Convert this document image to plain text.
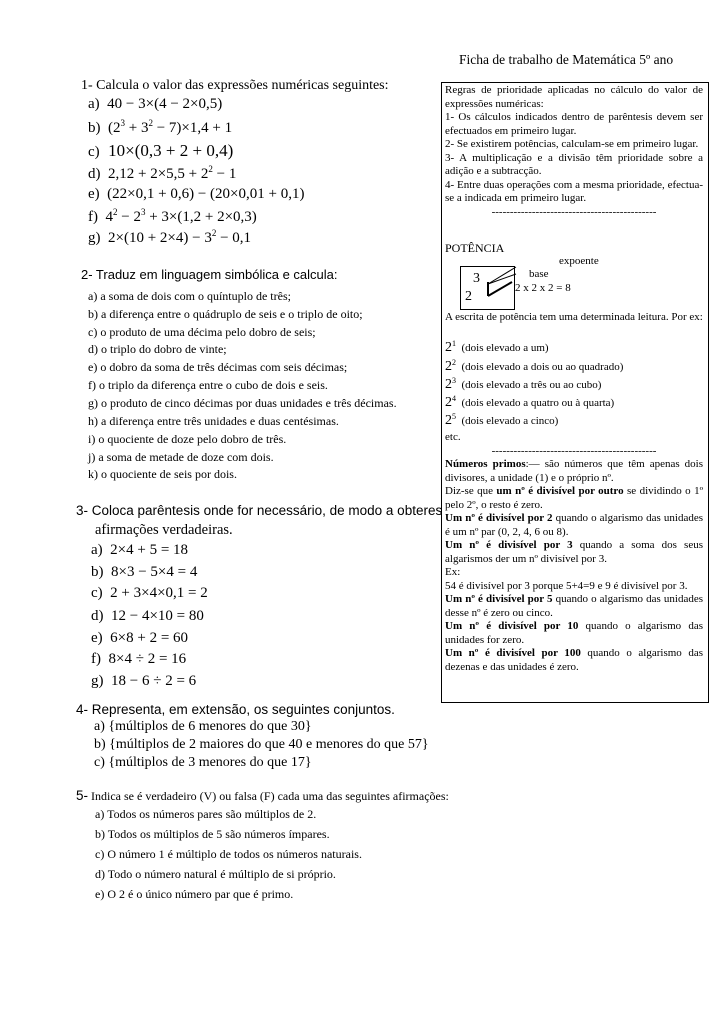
Ficha de trabalho de Matemática 5º ano
1- Calcula o valor das expressões numéricas seguintes:
a) 40 − 3×(4 − 2×0,5)
b) $(2^3 + 3^2 - 7)\times 1,4 + 1$
c) 10×(0,3 + 2 + 0,4)
d) $2,12 + 2\times 5,5 + 2^2 - 1$
e) (22×0,1 + 0,6) − (20×0,01 + 0,1)
f) $4^2 - 2^3 + 3\times(1,2 + 2\times 0,3)$
g) $2\times(10 + 2\times 4) - 3^2 - 0,1$
2- Traduz em linguagem simbólica e calcula:
a) a soma de dois com o quíntuplo de três;
b) a diferença entre o quádruplo de seis e o triplo de oito;
c) o produto de uma décima pelo dobro de seis;
d) o triplo do dobro de vinte;
e) o dobro da soma de três décimas com seis décimas;
f) o triplo da diferença entre o cubo de dois e seis.
g) o produto de cinco décimas por duas unidades e três décimas.
h) a diferença entre três unidades e duas centésimas.
i) o quociente de doze pelo dobro de três.
j) a soma de metade de doze com dois.
k) o quociente de seis por dois.
3- Coloca parêntesis onde for necessário, de modo a obteres
afirmações verdadeiras.
a) 2×4 + 5 = 18
b) 8×3 − 5×4 = 4
c) 2 + 3×4×0,1 = 2
d) 12 − 4×10 = 80
e) 6×8 + 2 = 60
f) 8×4 ÷ 2 = 16
g) 18 − 6 ÷ 2 = 6
4- Representa, em extensão, os seguintes conjuntos.
a) {múltiplos de 6 menores do que 30}
b) {múltiplos de 2 maiores do que 40 e menores do que 57}
c) {múltiplos de 3 menores do que 17}
5- Indica se é verdadeiro (V) ou falsa (F) cada uma das seguintes afirmações:
a) Todos os números pares são múltiplos de 2.
b) Todos os múltiplos de 5 são números ímpares.
c) O número 1 é múltiplo de todos os números naturais.
d) Todo o número natural é múltiplo de si próprio.
e) O 2 é o único número par que é primo.
Regras de prioridade aplicadas no cálculo do valor de expressões numéricas:
1- Os cálculos indicados dentro de parêntesis devem ser efectuados em primeiro lugar.
2- Se existirem potências, calculam-se em primeiro lugar.
3- A multiplicação e a divisão têm prioridade sobre a adição e a subtracção.
4- Entre duas operações com a mesma prioridade, efectua-se a indicada em primeiro lugar.
---------------------------------------------
POTÊNCIA
expoente
3
2
base
2 x 2 x 2 = 8
A escrita de potência tem uma determinada leitura. Por ex:
$2^1$ (dois elevado a um)
$2^2$ (dois elevado a dois ou ao quadrado)
$2^3$ (dois elevado a três ou ao cubo)
$2^4$ (dois elevado a quatro ou à quarta)
$2^5$ (dois elevado a cinco)
etc.
---------------------------------------------
Números primos:— são números que têm apenas dois divisores, a unidade (1) e o próprio nº.
Diz-se que um nº é divisível por outro se dividindo o 1º pelo 2º, o resto é zero.
Um nº é divisível por 2 quando o algarismo das unidades é um nº par (0, 2, 4, 6 ou 8).
Um nº é divisível por 3 quando a soma dos seus algarismos der um nº divisível por 3.
Ex:
54 é divisível por 3 porque 5+4=9 e 9 é divisível por 3.
Um nº é divisível por 5 quando o algarismo das unidades desse nº é zero ou cinco.
Um nº é divisível por 10 quando o algarismo das unidades for zero.
Um nº é divisível por 100 quando o algarismo das dezenas e das unidades é zero.
